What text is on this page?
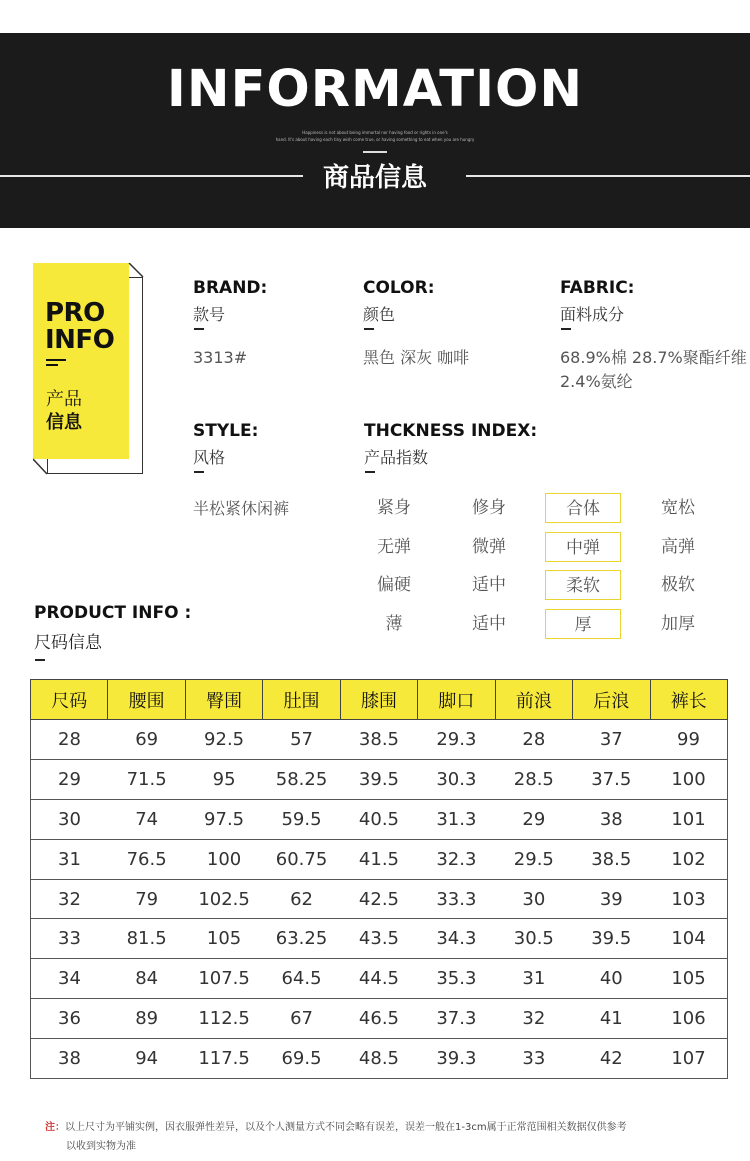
INFORMATION
Happiness is not about being immortal nor having food or rights in one's
hand. It's about having each tiny wish come true, or having something to eat when you are hungry
商品信息
PRO
INFO
产品
信息
BRAND:
款号
3313#
COLOR:
颜色
黑色 深灰 咖啡
FABRIC:
面料成分
68.9%棉 28.7%聚酯纤维
2.4%氨纶
STYLE:
风格
半松紧休闲裤
THCKNESS INDEX:
产品指数
紧身	修身	合体	宽松
无弹	微弹	中弹	高弹
偏硬	适中	柔软	极软
薄	适中	厚	加厚
PRODUCT INFO :
尺码信息
尺码	腰围	臀围	肚围	膝围	脚口	前浪	后浪	裤长
28	69	92.5	57	38.5	29.3	28	37	99
29	71.5	95	58.25	39.5	30.3	28.5	37.5	100
30	74	97.5	59.5	40.5	31.3	29	38	101
31	76.5	100	60.75	41.5	32.3	29.5	38.5	102
32	79	102.5	62	42.5	33.3	30	39	103
33	81.5	105	63.25	43.5	34.3	30.5	39.5	104
34	84	107.5	64.5	44.5	35.3	31	40	105
36	89	112.5	67	46.5	37.3	32	41	106
38	94	117.5	69.5	48.5	39.3	33	42	107
注：以上尺寸为平铺实例，因衣服弹性差异，以及个人测量方式不同会略有误差，误差一般在1-3cm属于正常范围相关数据仅供参考
以收到实物为准
